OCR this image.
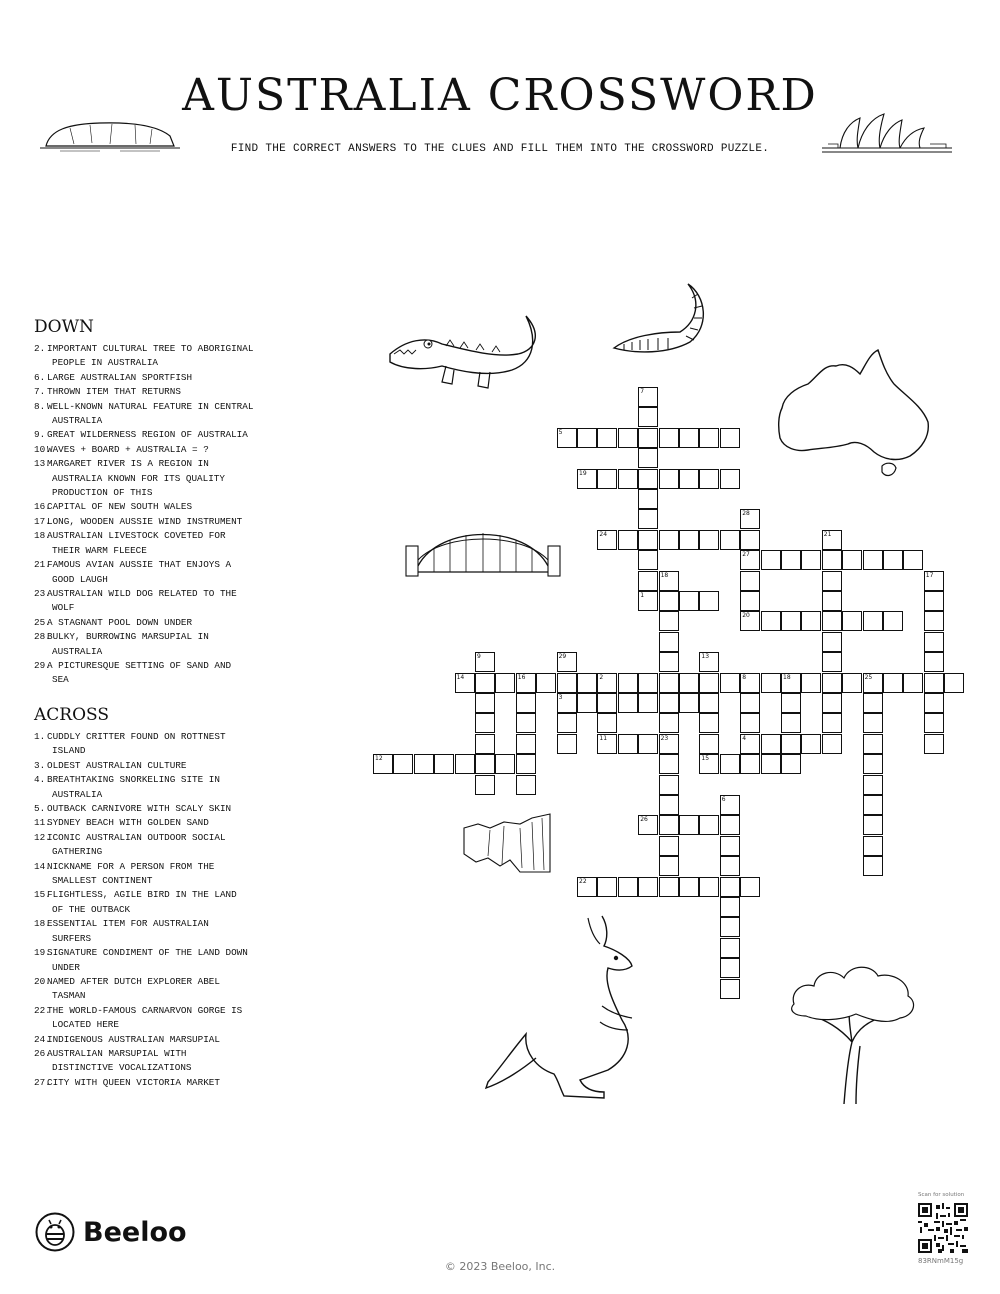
AUSTRALIA CROSSWORD
FIND THE CORRECT ANSWERS TO THE CLUES AND FILL THEM INTO THE CROSSWORD PUZZLE.
DOWN
2. IMPORTANT CULTURAL TREE TO ABORIGINAL
PEOPLE IN AUSTRALIA
6. LARGE AUSTRALIAN SPORTFISH
7. THROWN ITEM THAT RETURNS
8. WELL-KNOWN NATURAL FEATURE IN CENTRAL
AUSTRALIA
9. GREAT WILDERNESS REGION OF AUSTRALIA
10.
WAVES + BOARD + AUSTRALIA = ?
13.
MARGARET RIVER IS A REGION IN
AUSTRALIA KNOWN FOR ITS QUALITY
PRODUCTION OF THIS
16.
CAPITAL OF NEW SOUTH WALES
17.
LONG, WOODEN AUSSIE WIND INSTRUMENT
18.
AUSTRALIAN LIVESTOCK COVETED FOR
THEIR WARM FLEECE
21.
FAMOUS AVIAN AUSSIE THAT ENJOYS A
GOOD LAUGH
23.
AUSTRALIAN WILD DOG RELATED TO THE
WOLF
25.
A STAGNANT POOL DOWN UNDER
28.
BULKY, BURROWING MARSUPIAL IN
AUSTRALIA
29.
A PICTURESQUE SETTING OF SAND AND
SEA
ACROSS
1. CUDDLY CRITTER FOUND ON ROTTNEST
ISLAND
3. OLDEST AUSTRALIAN CULTURE
4. BREATHTAKING SNORKELING SITE IN
AUSTRALIA
5. OUTBACK CARNIVORE WITH SCALY SKIN
11.
SYDNEY BEACH WITH GOLDEN SAND
12.
ICONIC AUSTRALIAN OUTDOOR SOCIAL
GATHERING
14.
NICKNAME FOR A PERSON FROM THE
SMALLEST CONTINENT
15.
FLIGHTLESS, AGILE BIRD IN THE LAND
OF THE OUTBACK
18.
ESSENTIAL ITEM FOR AUSTRALIAN
SURFERS
19.
SIGNATURE CONDIMENT OF THE LAND DOWN
UNDER
20.
NAMED AFTER DUTCH EXPLORER ABEL
TASMAN
22.
THE WORLD-FAMOUS CARNARVON GORGE IS
LOCATED HERE
24.
INDIGENOUS AUSTRALIAN MARSUPIAL
26.
AUSTRALIAN MARSUPIAL WITH
DISTINCTIVE VOCALIZATIONS
27.
CITY WITH QUEEN VICTORIA MARKET
7
5
19
28
24	21
27
18	17
1
20
9	29	13
14	16	2	8	18	25
3
11	23	4
12	15
6
26
22
Beeloo
© 2023 Beeloo, Inc.
Scan for solution
83RNmM15g
